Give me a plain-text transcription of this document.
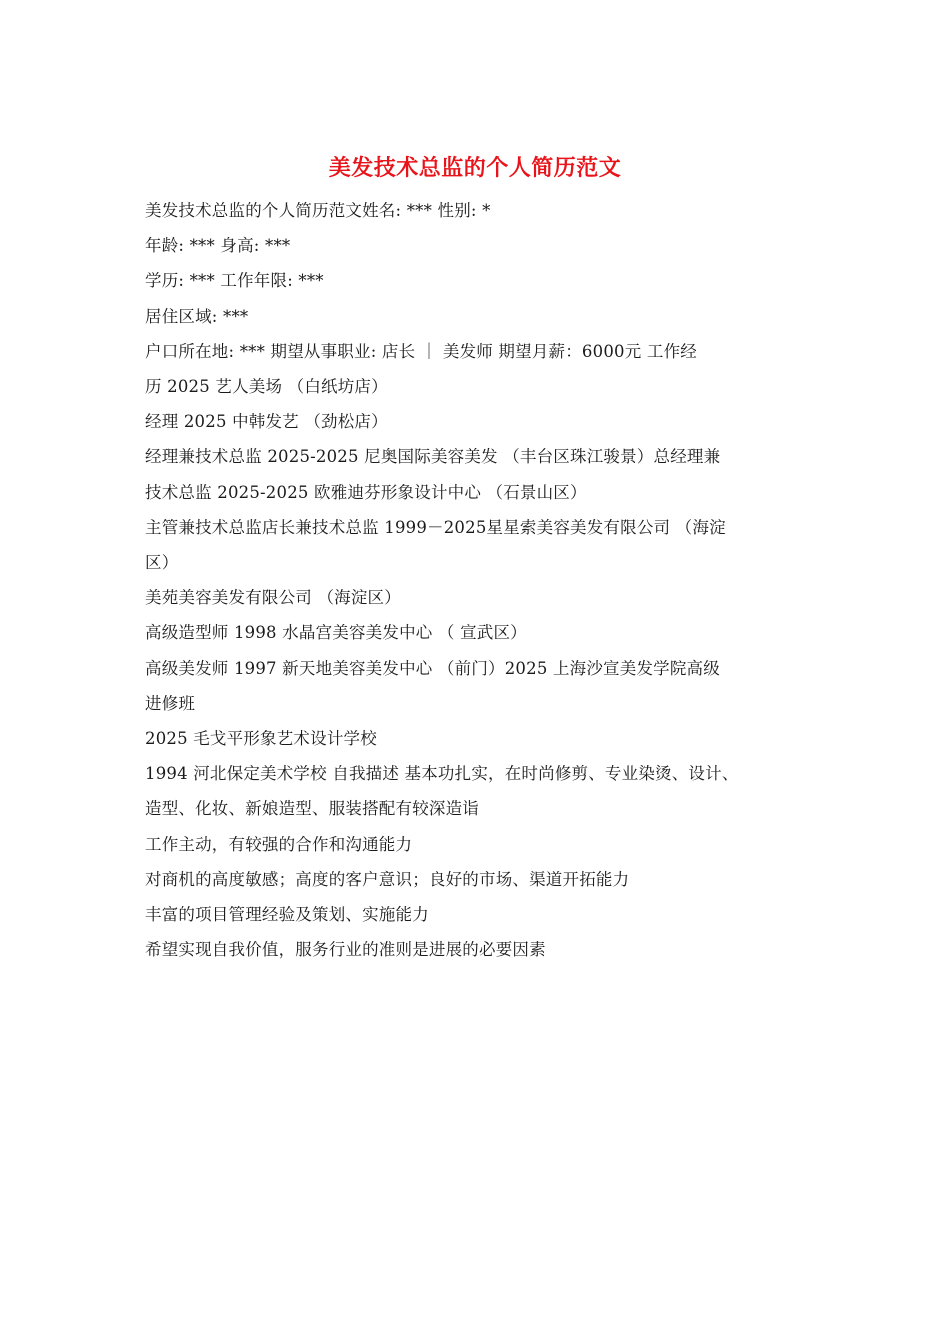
美发技术总监的个人简历范文
美发技术总监的个人简历范文姓名: *** 性别: *
年龄: *** 身高: ***
学历: *** 工作年限: ***
居住区域: ***
户口所在地: *** 期望从事职业: 店长 ｜ 美发师 期望月薪：6000元 工作经
历 2025 艺人美场 （白纸坊店）
经理 2025 中韩发艺 （劲松店）
经理兼技术总监 2025-2025 尼奥国际美容美发 （丰台区珠江骏景）总经理兼
技术总监 2025-2025 欧雅迪芬形象设计中心 （石景山区）
主管兼技术总监店长兼技术总监 1999－2025星星索美容美发有限公司 （海淀
区）
美苑美容美发有限公司 （海淀区）
高级造型师 1998 水晶宫美容美发中心 （ 宣武区）
高级美发师 1997 新天地美容美发中心 （前门）2025 上海沙宣美发学院高级
进修班
2025 毛戈平形象艺术设计学校
1994 河北保定美术学校 自我描述 基本功扎实，在时尚修剪、专业染烫、设计、
造型、化妆、新娘造型、服装搭配有较深造诣
工作主动，有较强的合作和沟通能力
对商机的高度敏感；高度的客户意识；良好的市场、渠道开拓能力
丰富的项目管理经验及策划、实施能力
希望实现自我价值，服务行业的准则是进展的必要因素
